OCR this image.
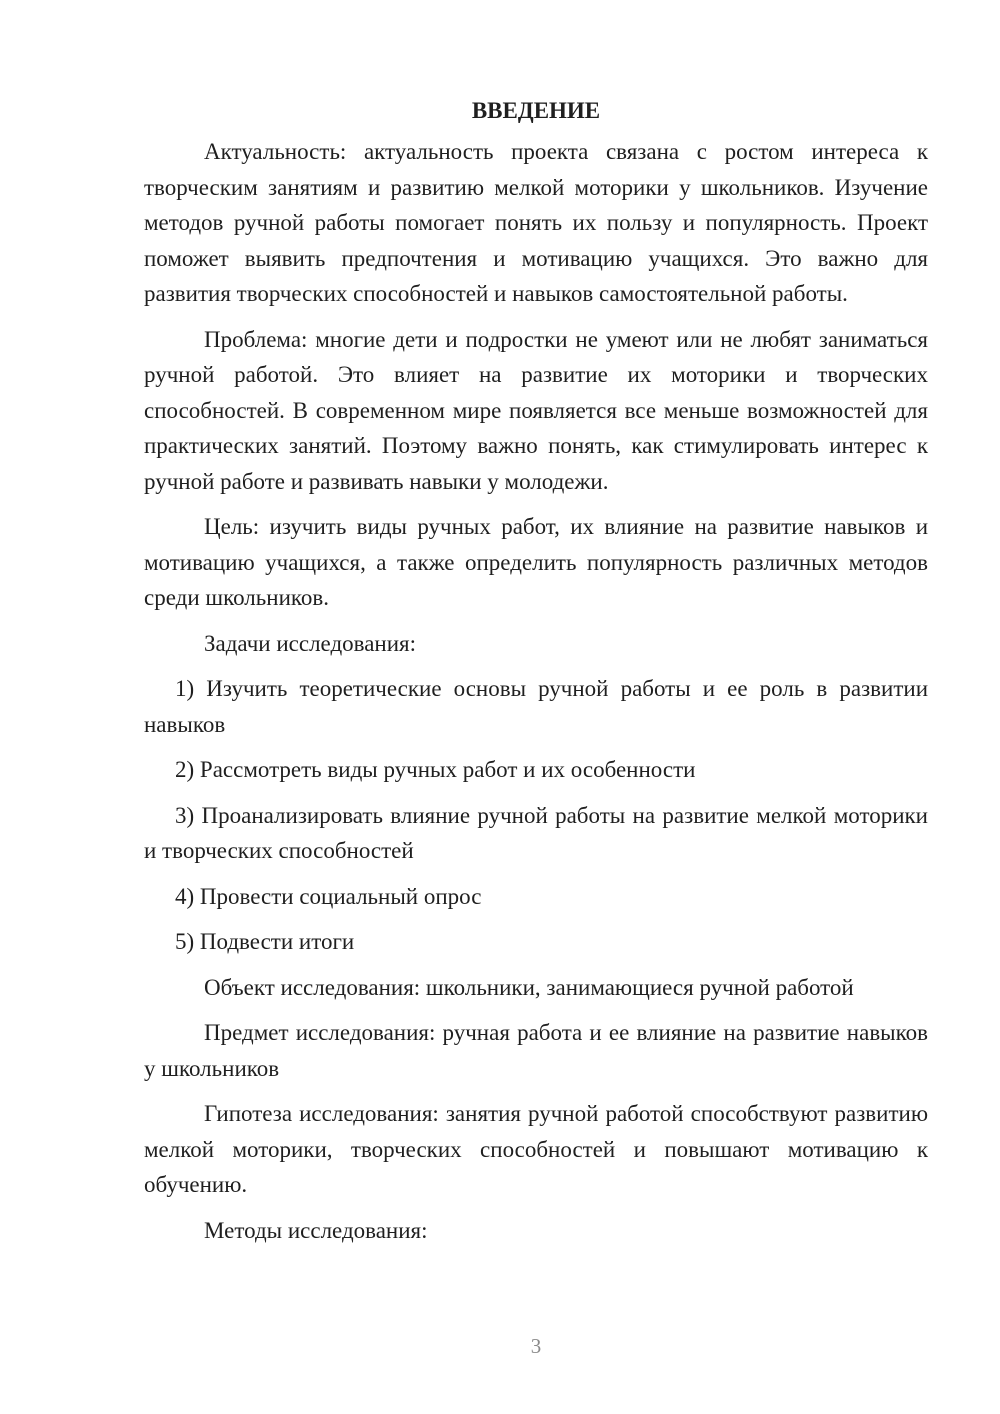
ВВЕДЕНИЕ

Актуальность: актуальность проекта связана с ростом интереса к творческим занятиям и развитию мелкой моторики у школьников. Изучение методов ручной работы помогает понять их пользу и популярность. Проект поможет выявить предпочтения и мотивацию учащихся. Это важно для развития творческих способностей и навыков самостоятельной работы.

Проблема: многие дети и подростки не умеют или не любят заниматься ручной работой. Это влияет на развитие их моторики и творческих способностей. В современном мире появляется все меньше возможностей для практических занятий. Поэтому важно понять, как стимулировать интерес к ручной работе и развивать навыки у молодежи.

Цель: изучить виды ручных работ, их влияние на развитие навыков и мотивацию учащихся, а также определить популярность различных методов среди школьников.

Задачи исследования:

1) Изучить теоретические основы ручной работы и ее роль в развитии навыков

2) Рассмотреть виды ручных работ и их особенности

3) Проанализировать влияние ручной работы на развитие мелкой моторики и творческих способностей

4) Провести социальный опрос

5) Подвести итоги

Объект исследования: школьники, занимающиеся ручной работой

Предмет исследования: ручная работа и ее влияние на развитие навыков у школьников

Гипотеза исследования: занятия ручной работой способствуют развитию мелкой моторики, творческих способностей и повышают мотивацию к обучению.

Методы исследования:

3
